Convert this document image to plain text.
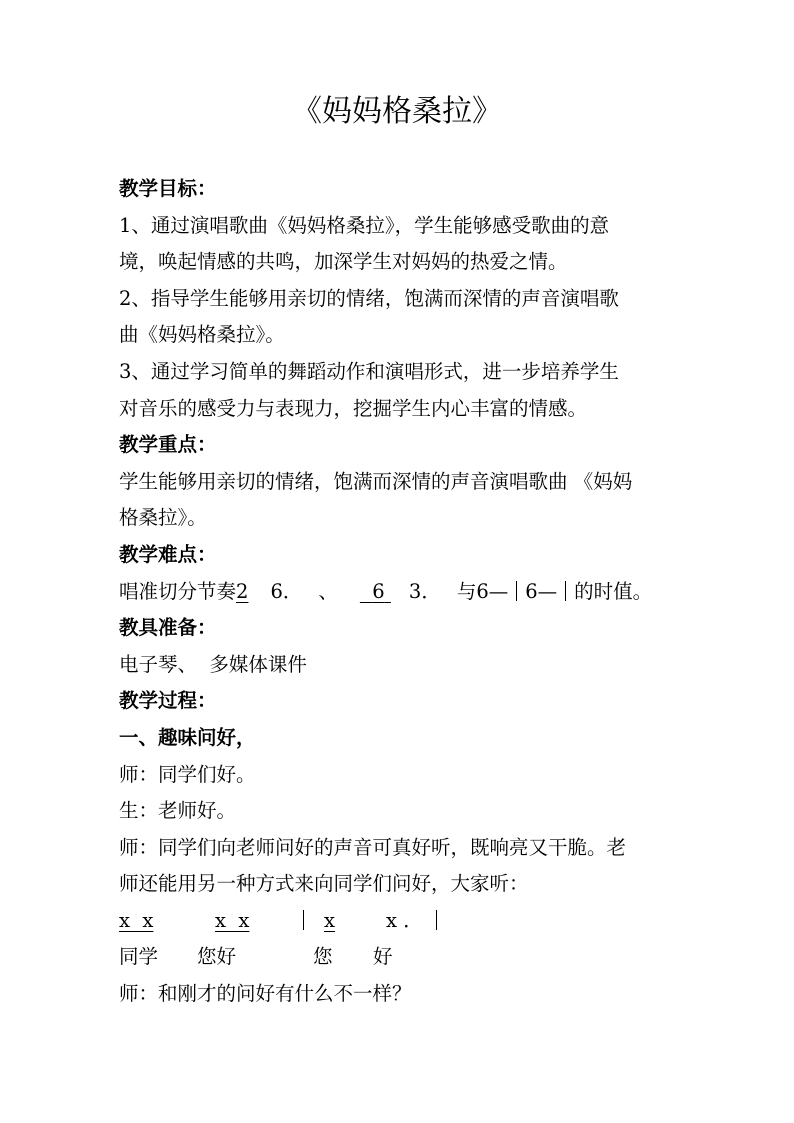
《妈妈格桑拉》
教学目标：
1、通过演唱歌曲《妈妈格桑拉》，学生能够感受歌曲的意
境，唤起情感的共鸣，加深学生对妈妈的热爱之情。
2、指导学生能够用亲切的情绪，饱满而深情的声音演唱歌
曲《妈妈格桑拉》。
3、通过学习简单的舞蹈动作和演唱形式，进一步培养学生
对音乐的感受力与表现力，挖掘学生内心丰富的情感。
教学重点：
学生能够用亲切的情绪，饱满而深情的声音演唱歌曲 《妈妈
格桑拉》。
教学难点：
唱准切分节奏2 6． 、 6 3． 与6— 6— 的时值。
教具准备：
电子琴、  多媒体课件
教学过程：
一、趣味问好，
师：同学们好。
生：老师好。
师：同学们向老师问好的声音可真好听，既响亮又干脆。老
师还能用另一种方式来向同学们问好，大家听：
x  x	x  x	x	x ．
同学 您好	您 好
师：和刚才的问好有什么不一样？
